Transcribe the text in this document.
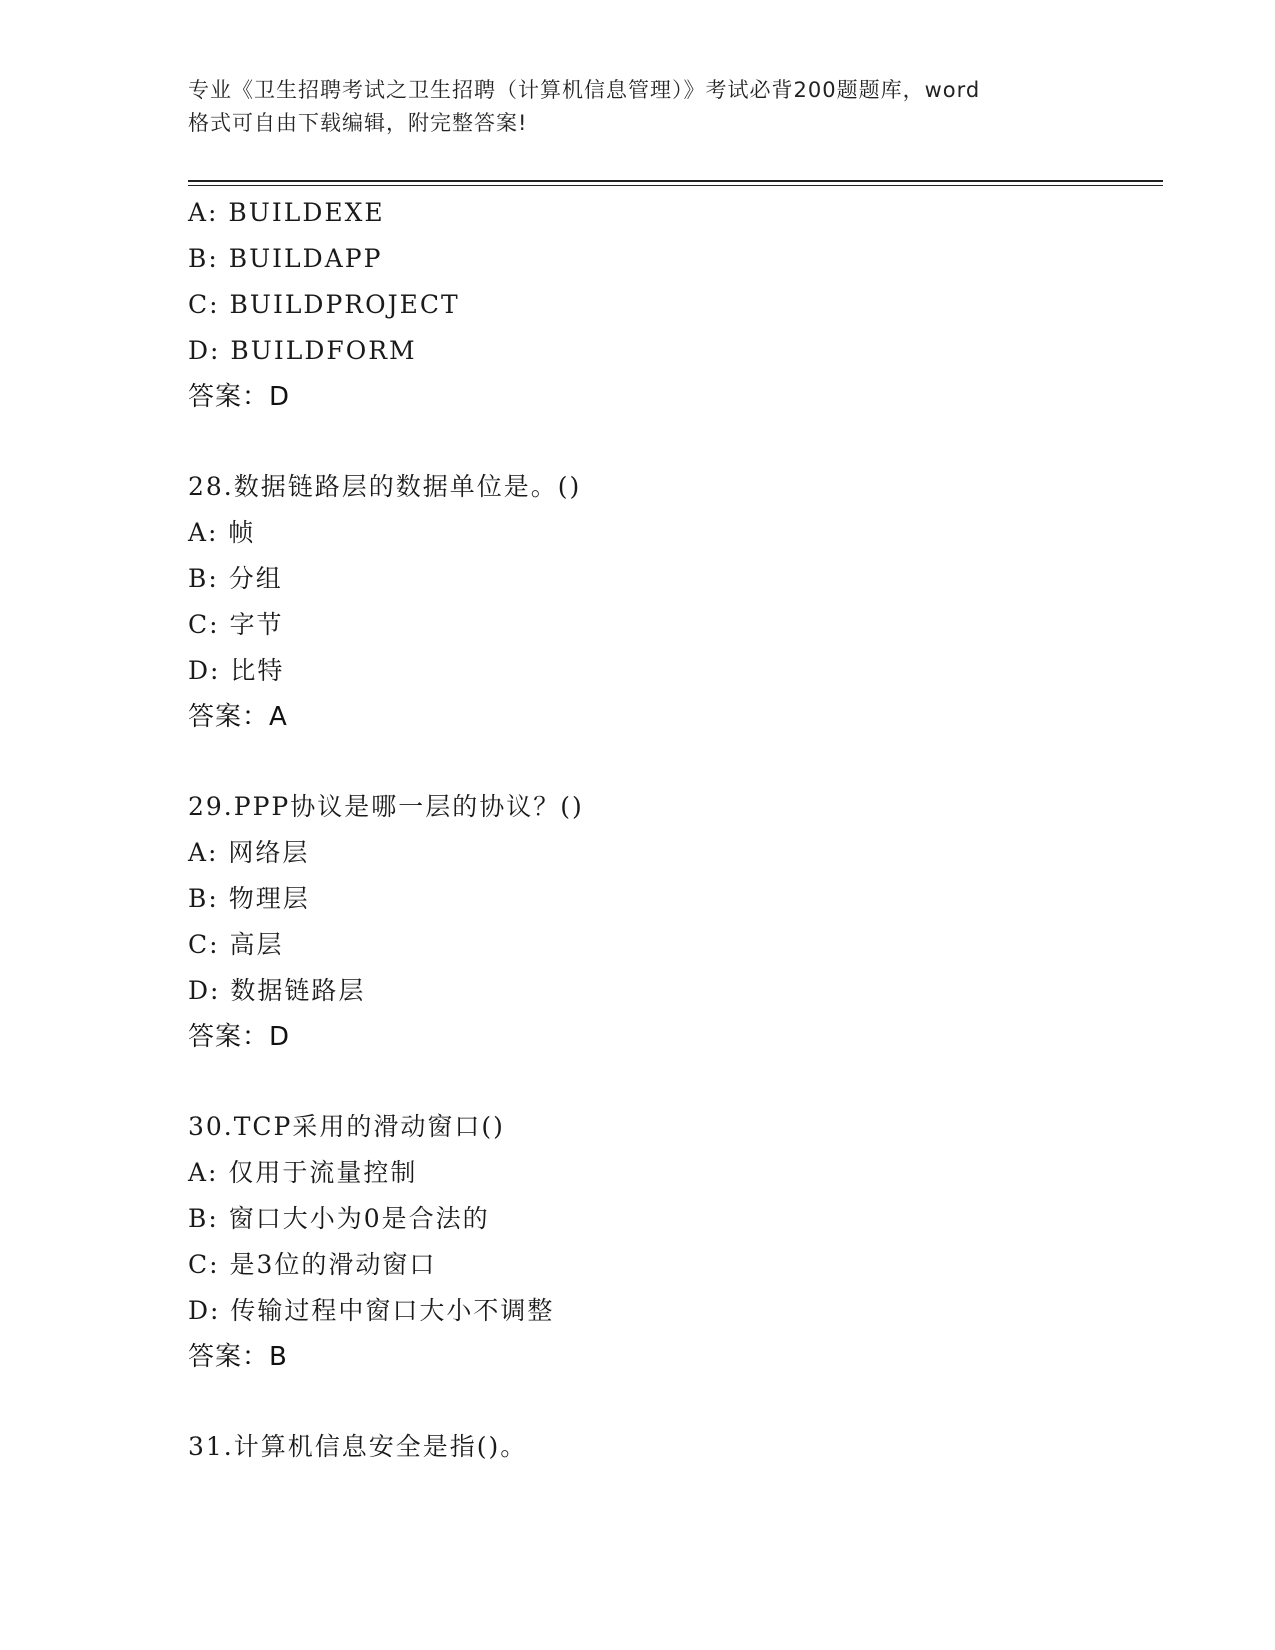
专业《卫生招聘考试之卫生招聘（计算机信息管理）》考试必背200题题库，word
格式可自由下载编辑，附完整答案!
A: BUILDEXE
B: BUILDAPP
C: BUILDPROJECT
D: BUILDFORM
答案：D
28.数据链路层的数据单位是。()
A: 帧
B: 分组
C: 字节
D: 比特
答案：A
29.PPP协议是哪一层的协议？()
A: 网络层
B: 物理层
C: 高层
D: 数据链路层
答案：D
30.TCP采用的滑动窗口()
A: 仅用于流量控制
B: 窗口大小为0是合法的
C: 是3位的滑动窗口
D: 传输过程中窗口大小不调整
答案：B
31.计算机信息安全是指()。
